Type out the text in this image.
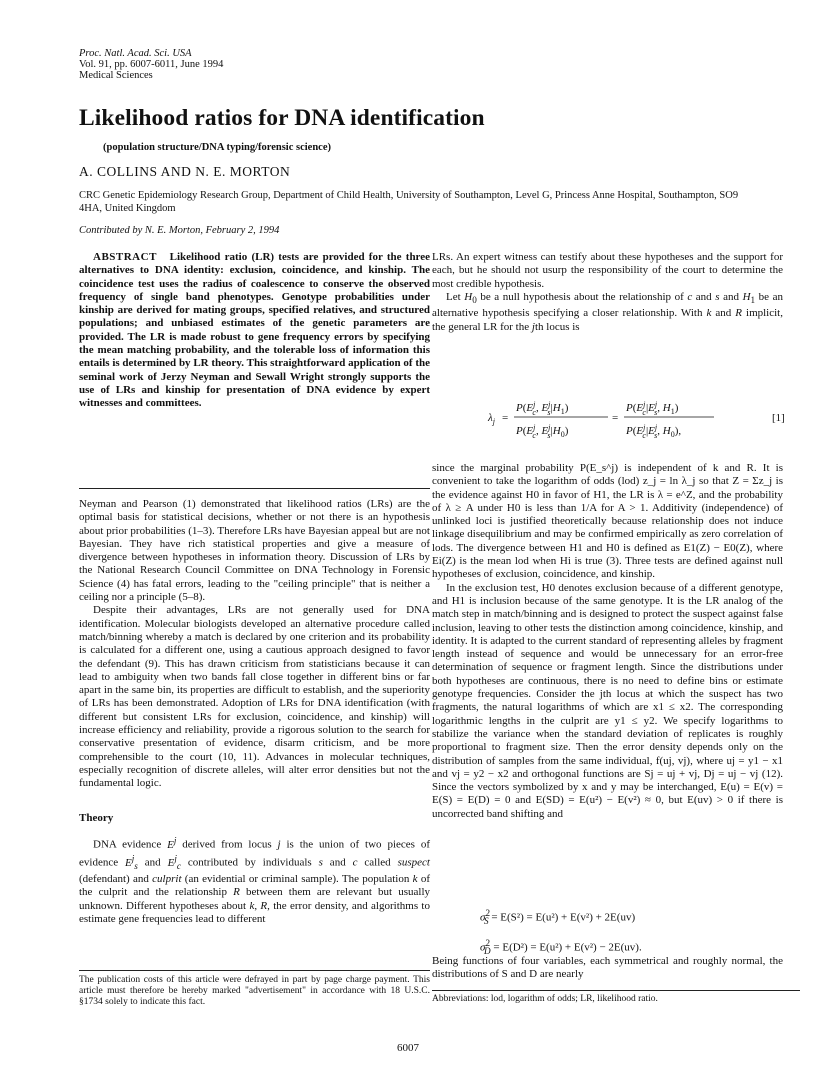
Proc. Natl. Acad. Sci. USA
Vol. 91, pp. 6007-6011, June 1994
Medical Sciences
Likelihood ratios for DNA identification
(population structure/DNA typing/forensic science)
A. COLLINS AND N. E. MORTON
CRC Genetic Epidemiology Research Group, Department of Child Health, University of Southampton, Level G, Princess Anne Hospital, Southampton, SO9 4HA, United Kingdom
Contributed by N. E. Morton, February 2, 1994

ABSTRACT Likelihood ratio (LR) tests are provided for the three alternatives to DNA identity: exclusion, coincidence, and kinship. The coincidence test uses the radius of coalescence to conserve the observed frequency of single band phenotypes. Genotype probabilities under kinship are derived for mating groups, specified relatives, and structured populations; and unbiased estimates of the genetic parameters are provided. The LR is made robust to gene frequency errors by specifying the mean matching probability, and the tolerable loss of information this entails is determined by LR theory. This straightforward application of the seminal work of Jerzy Neyman and Sewall Wright strongly supports the use of LRs and kinship for presentation of DNA evidence by expert witnesses and committees.

Neyman and Pearson (1) demonstrated that likelihood ratios (LRs) are the optimal basis for statistical decisions, whether or not there is an hypothesis about prior probabilities (1–3). Therefore LRs have Bayesian appeal but are not Bayesian. They have rich statistical properties and give a measure of divergence between hypotheses in information theory. Discussion of LRs by the National Research Council Committee on DNA Technology in Forensic Science (4) has fatal errors, leading to the "ceiling principle" that is neither a ceiling nor a principle (5–8).

Despite their advantages, LRs are not generally used for DNA identification. Molecular biologists developed an alternative procedure called match/binning whereby a match is declared by one criterion and its probability is calculated for a different one, using a cautious approach designed to favor the defendant (9). This has drawn criticism from statisticians because it can lead to ambiguity when two bands fall close together in different bins or far apart in the same bin, its properties are difficult to establish, and the superiority of LRs has been demonstrated. Adoption of LRs for DNA identification (with different but consistent LRs for exclusion, coincidence, and kinship) will increase efficiency and reliability, provide a rigorous solution to the search for conservative presentation of evidence, disarm criticism, and be more comprehensible to the court (10, 11). Advances in molecular techniques, especially recognition of discrete alleles, will alter error densities but not the fundamental logic.

Theory

DNA evidence $E^j$ derived from locus j is the union of two pieces of evidence $E^j_s$ and $E^j_c$ contributed by individuals s and c called suspect (defendant) and culprit (an evidential or criminal sample). The population k of the culprit and the relationship R between them are relevant but usually unknown. Different hypotheses about k, R, the error density, and algorithms to estimate gene frequencies lead to different

The publication costs of this article were defrayed in part by page charge payment. This article must therefore be hereby marked "advertisement" in accordance with 18 U.S.C. §1734 solely to indicate this fact.

LRs. An expert witness can testify about these hypotheses and the support for each, but he should not usurp the responsibility of the court to determine the most credible hypothesis.

Let $H_0$ be a null hypothesis about the relationship of c and s and $H_1$ be an alternative hypothesis specifying a closer relationship. With k and R implicit, the general LR for the jth locus is

$\lambda_j$ =
$P(E^j$ c, $E^j$ $s|H_1$)
$P(E^j$ c, $E^j$ $s|H_0$)
=
$P(E^j$ $c|E^j$ s, $H_1$)
$P(E^j$ $c|E^j$ s, $H_0$),
[1]

since the marginal probability P(E_s^j) is independent of k and R. It is convenient to take the logarithm of odds (lod) z_j = ln λ_j so that Z = Σz_j is the evidence against H0 in favor of H1, the LR is λ = e^Z, and the probability of λ ≥ A under H0 is less than 1/A for A > 1. Additivity (independence) of unlinked loci is justified theoretically because relationship does not induce linkage disequilibrium and may be confirmed empirically as zero correlation of lods. The divergence between H1 and H0 is defined as E1(Z) − E0(Z), where Ei(Z) is the mean lod when Hi is true (3). Three tests are defined against null hypotheses of exclusion, coincidence, and kinship.

In the exclusion test, H0 denotes exclusion because of a different genotype, and H1 is inclusion because of the same genotype. It is the LR analog of the match step in match/binning and is designed to protect the suspect against false inclusion, leaving to other tests the distinction among coincidence, kinship, and identity. It is adapted to the current standard of representing alleles by fragment length instead of sequence and would be unnecessary for an error-free determination of sequence or fragment length. Since the distributions under both hypotheses are continuous, there is no need to define bins or estimate genotype frequencies. Consider the jth locus at which the suspect has two fragments, the natural logarithms of which are x1 ≤ x2. The corresponding logarithmic lengths in the culprit are y1 ≤ y2. We specify logarithms to stabilize the variance when the standard deviation of replicates is roughly proportional to fragment size. Then the error density depends only on the distribution of samples from the same individual, f(uj, vj), where uj = y1 − x1 and vj = y2 − x2 and orthogonal functions are Sj = uj + vj, Dj = uj − vj (12). Since the vectors symbolized by x and y may be interchanged, E(u) = E(v) = E(S) = E(D) = 0 and E(SD) = E(u²) − E(v²) ≈ 0, but E(uv) > 0 if there is uncorrected band shifting and

$\sigma^2_S = E(S^2) = E(u^2) + E(v^2) + 2E(uv)$
$\sigma^2_D = E(D^2) = E(u^2) + E(v^2) - 2E(uv)$.

Being functions of four variables, each symmetrical and roughly normal, the distributions of S and D are nearly

Abbreviations: lod, logarithm of odds; LR, likelihood ratio.
6007
